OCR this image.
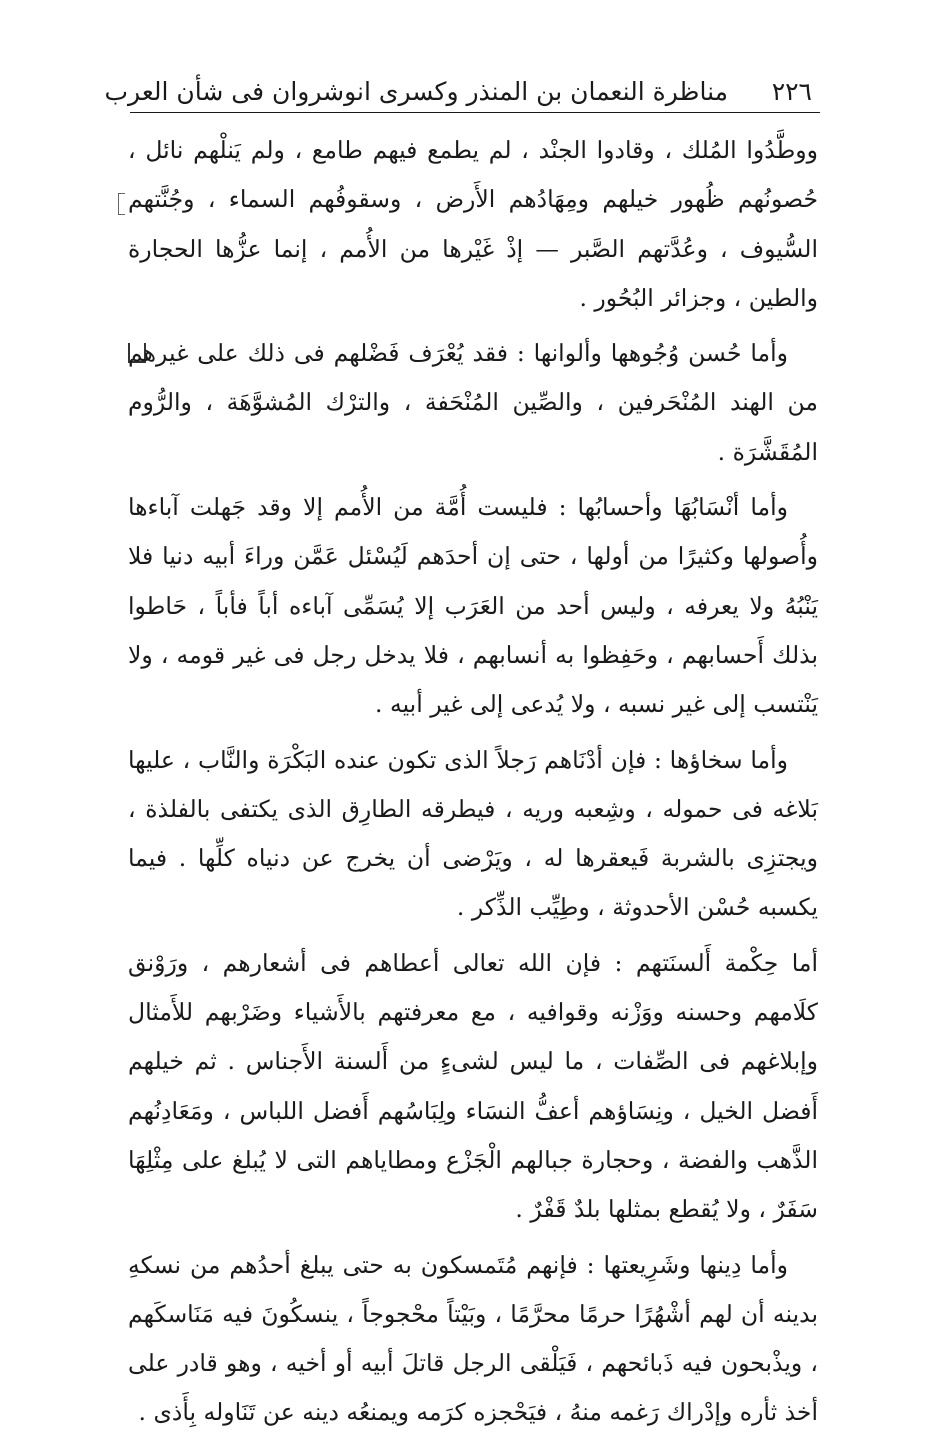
٢٢٦
مناظرة النعمان بن المنذر وكسرى انوشروان فى شأن العرب

ووطَّدُوا المُلك ، وقادوا الجنْد ، لم يطمع فيهم طامع ، ولم يَنلْهم نائل ، حُصونُهم ظُهور خيلهم ومِهَادُهم الأَرض ، وسقوفُهم السماء ، وجُنَّتهم السُّيوف ، وعُدَّتهم الصَّبر — إذْ غَيْرها من الأُمم ، إنما عزُّها الحجارة والطين ، وجزائر البُحُور .

وأما حُسن وُجُوهها وألوانها : فقد يُعْرَف فَضْلهم فى ذلك على غيرهم من الهند المُنْحَرفين ، والصِّين المُنْحَفة ، والترْك المُشوَّهَة ، والرُّوم المُقَشَّرَة .

وأما أنْسَابُهَا وأحسابُها : فليست أُمَّة من الأُمم إلا وقد جَهلت آباءها وأُصولها وكثيرًا من أولها ، حتى إن أحدَهم لَيُسْئل عَمَّن وراءَ أبيه دنيا فلا يَنْبُهُ ولا يعرفه ، وليس أحد من العَرَب إلا يُسَمِّى آباءه أباً فأباً ، حَاطوا بذلك أَحسابهم ، وحَفِظوا به أنسابهم ، فلا يدخل رجل فى غير قومه ، ولا يَنْتسب إلى غير نسبه ، ولا يُدعى إلى غير أبيه .

وأما سخاؤها : فإن أدْنَاهم رَجلاً الذى تكون عنده البَكْرَة والنَّاب ، عليها بَلاغه فى حموله ، وشِعبه وريه ، فيطرقه الطارِق الذى يكتفى بالفلذة ، ويجتزِى بالشربة فَيعقرها له ، ويَرْضى أن يخرج عن دنياه كلِّها . فيما يكسبه حُسْن الأحدوثة ، وطِيِّب الذِّكر .

أما حِكْمة أَلسنَتهم : فإن الله تعالى أعطاهم فى أشعارهم ، ورَوْنق كلَامهم وحسنه ووَزْنه وقوافيه ، مع معرفتهم بالأَشياء وضَرْبهم للأَمثال وإبلاغهم فى الصِّفات ، ما ليس لشىءٍ من أَلسنة الأَجناس . ثم خيلهم أَفضل الخيل ، ونِسَاؤهم أعفُّ النسَاء ولِبَاسُهم أَفضل اللباس ، ومَعَادِنُهم الذَّهب والفضة ، وحجارة جبالهم الْجَزْع ومطاياهم التى لا يُبلغ على مِثْلِهَا سَفَرٌ ، ولا يُقطع بمثلها بلدٌ قَفْرٌ .

وأما دِينها وشَرِيعتها : فإنهم مُتَمسكون به حتى يبلغ أحدُهم من نسكهِ بدينه أن لهم أشْهُرًا حرمًا محرَّمًا ، وبَيْتاً محْجوجاً ، ينسكُونَ فيه مَنَاسكَهم ، ويذْبحون فيه ذَبائحهم ، فَيَلْقى الرجل قاتلَ أبيه أو أخيه ، وهو قادر على أخذ ثأره وإدْراك رَغمه منهُ ، فيَحْجزه كرَمه ويمنعُه دينه عن تَنَاوله بِأَذى .
